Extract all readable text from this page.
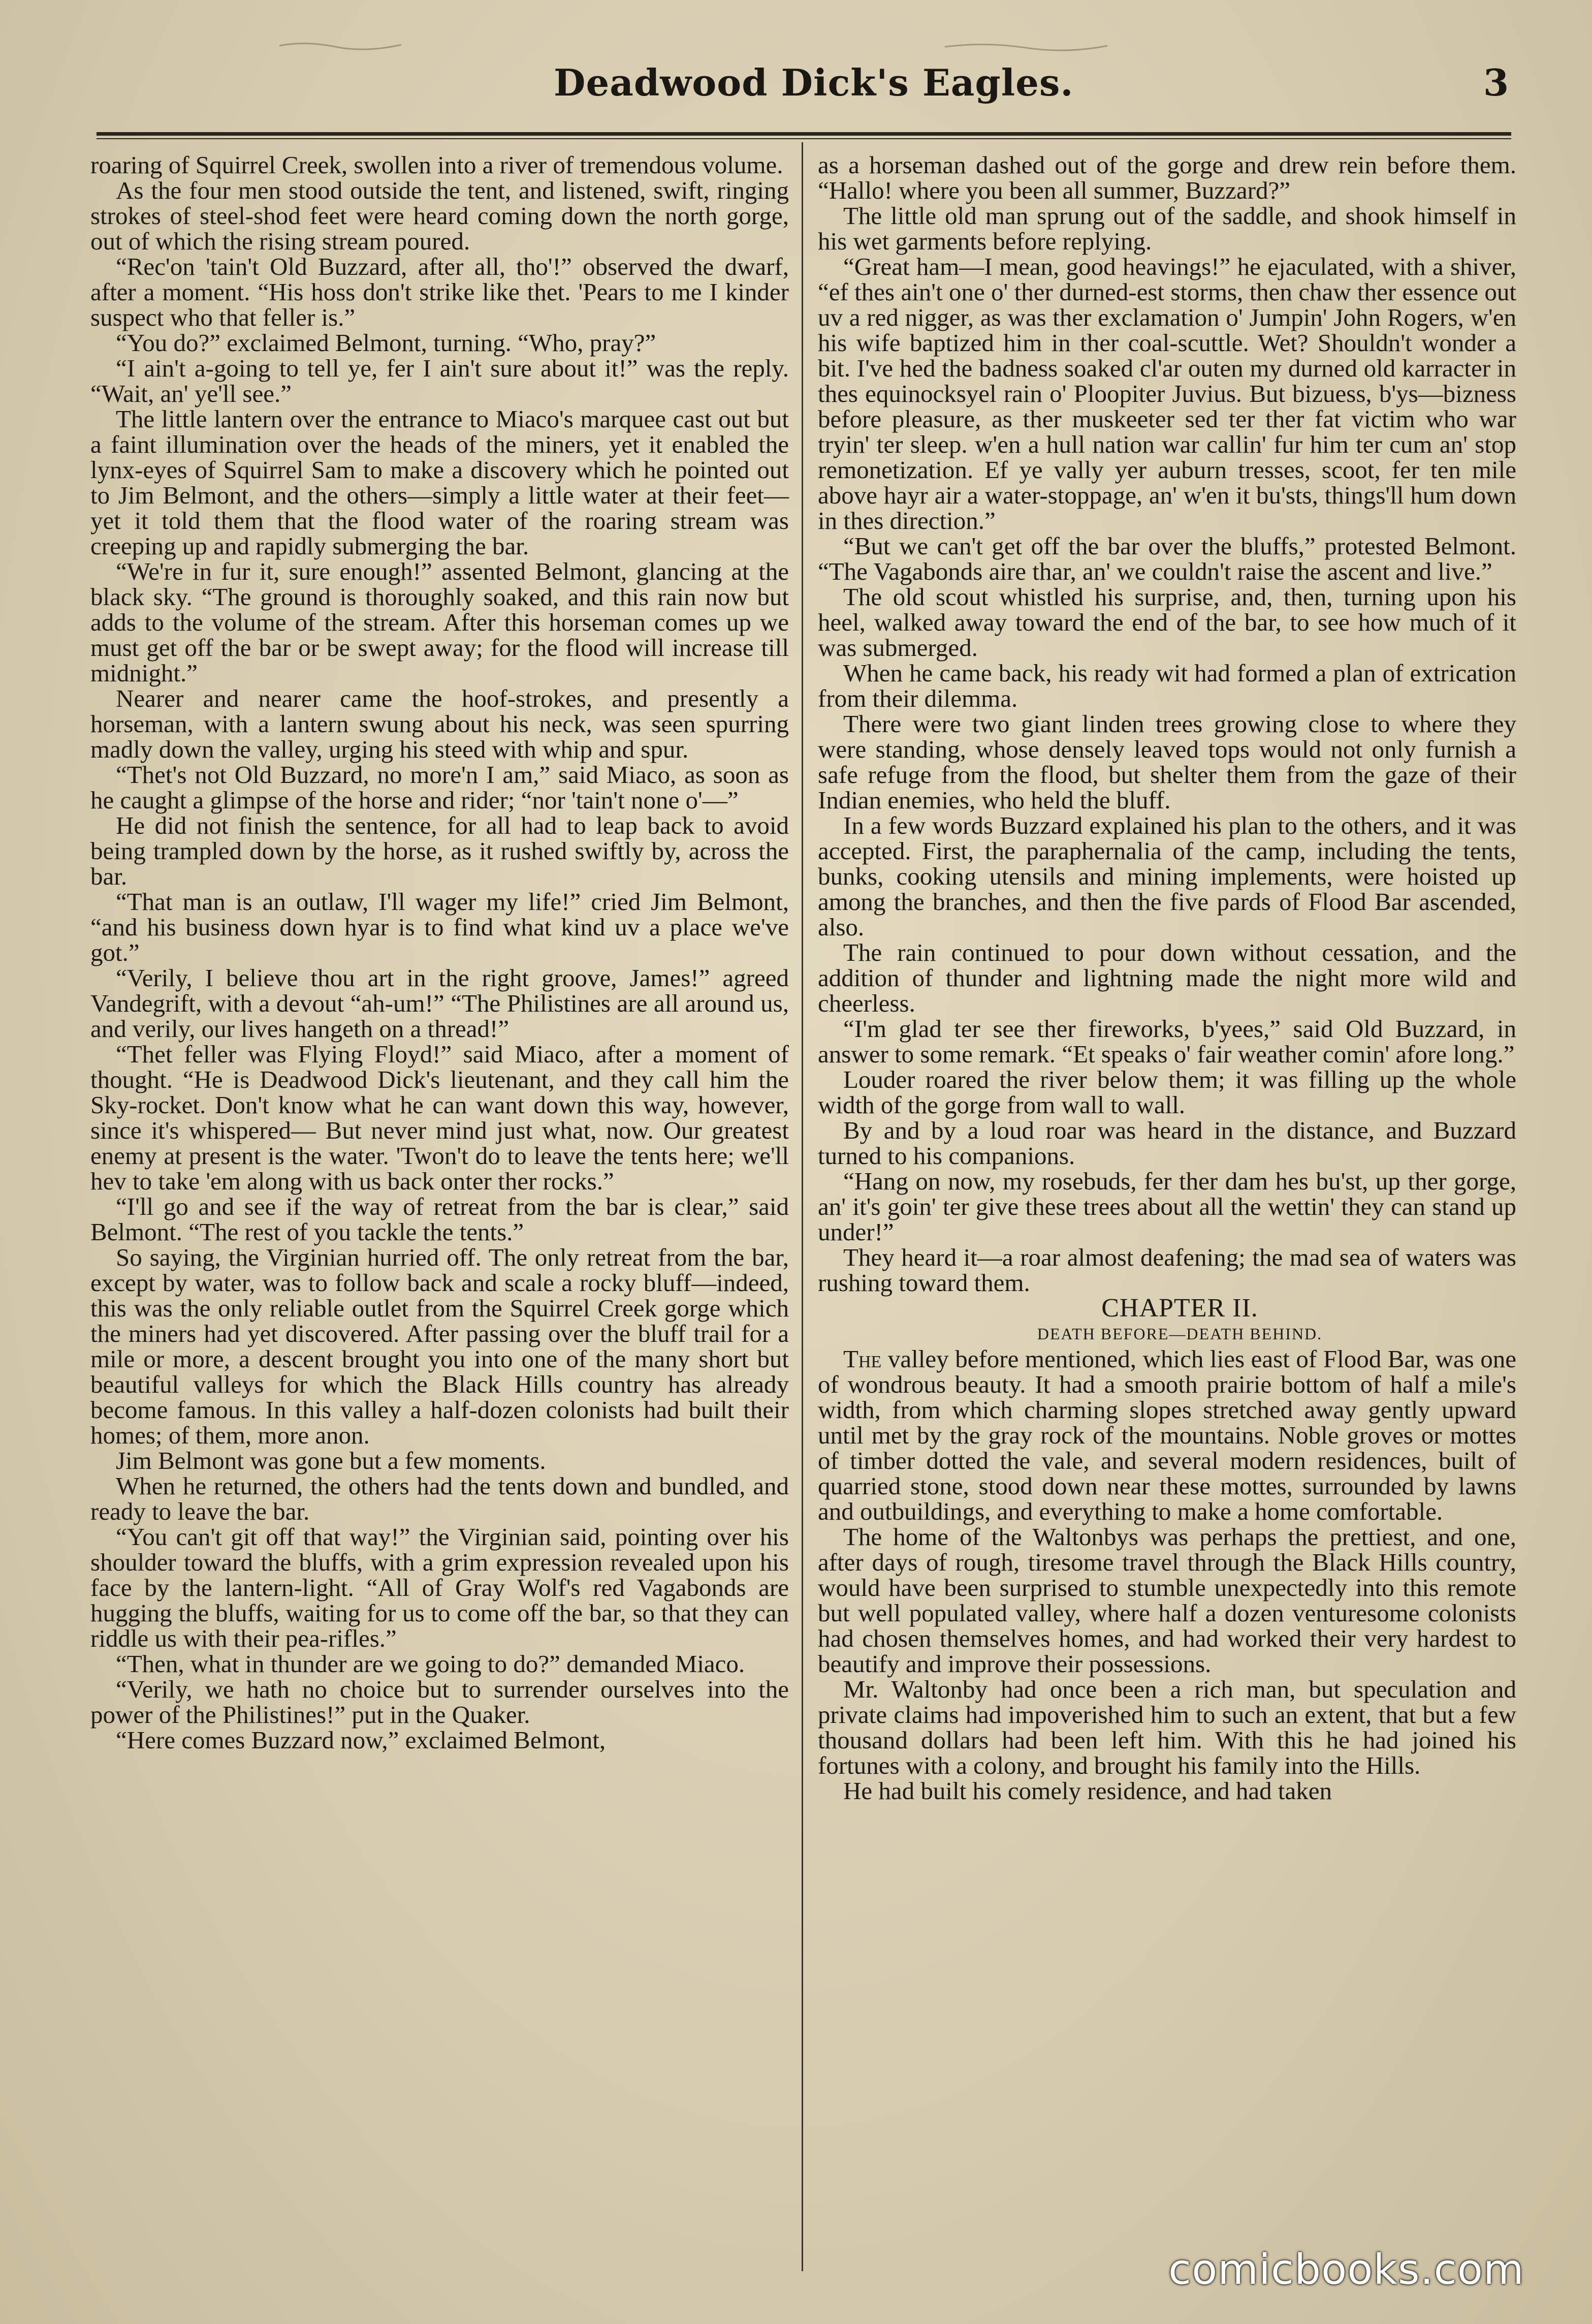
Deadwood Dick's Eagles.	3

roaring of Squirrel Creek, swollen into a river of tremendous volume.

As the four men stood outside the tent, and listened, swift, ringing strokes of steel-shod feet were heard coming down the north gorge, out of which the rising stream poured.

“Rec'on 'tain't Old Buzzard, after all, tho'!” observed the dwarf, after a moment. “His hoss don't strike like thet. 'Pears to me I kinder suspect who that feller is.”

“You do?” exclaimed Belmont, turning. “Who, pray?”

“I ain't a-going to tell ye, fer I ain't sure about it!” was the reply. “Wait, an' ye'll see.”

The little lantern over the entrance to Miaco's marquee cast out but a faint illumination over the heads of the miners, yet it enabled the lynx-eyes of Squirrel Sam to make a discovery which he pointed out to Jim Belmont, and the others—simply a little water at their feet—yet it told them that the flood water of the roaring stream was creeping up and rapidly submerging the bar.

“We're in fur it, sure enough!” assented Belmont, glancing at the black sky. “The ground is thoroughly soaked, and this rain now but adds to the volume of the stream. After this horseman comes up we must get off the bar or be swept away; for the flood will increase till midnight.”

Nearer and nearer came the hoof-strokes, and presently a horseman, with a lantern swung about his neck, was seen spurring madly down the valley, urging his steed with whip and spur.

“Thet's not Old Buzzard, no more'n I am,” said Miaco, as soon as he caught a glimpse of the horse and rider; “nor 'tain't none o'—”

He did not finish the sentence, for all had to leap back to avoid being trampled down by the horse, as it rushed swiftly by, across the bar.

“That man is an outlaw, I'll wager my life!” cried Jim Belmont, “and his business down hyar is to find what kind uv a place we've got.”

“Verily, I believe thou art in the right groove, James!” agreed Vandegrift, with a devout “ah-um!” “The Philistines are all around us, and verily, our lives hangeth on a thread!”

“Thet feller was Flying Floyd!” said Miaco, after a moment of thought. “He is Deadwood Dick's lieutenant, and they call him the Sky-rocket. Don't know what he can want down this way, however, since it's whispered— But never mind just what, now. Our greatest enemy at present is the water. 'Twon't do to leave the tents here; we'll hev to take 'em along with us back onter ther rocks.”

“I'll go and see if the way of retreat from the bar is clear,” said Belmont. “The rest of you tackle the tents.”

So saying, the Virginian hurried off. The only retreat from the bar, except by water, was to follow back and scale a rocky bluff—indeed, this was the only reliable outlet from the Squirrel Creek gorge which the miners had yet discovered. After passing over the bluff trail for a mile or more, a descent brought you into one of the many short but beautiful valleys for which the Black Hills country has already become famous. In this valley a half-dozen colonists had built their homes; of them, more anon.

Jim Belmont was gone but a few moments.

When he returned, the others had the tents down and bundled, and ready to leave the bar.

“You can't git off that way!” the Virginian said, pointing over his shoulder toward the bluffs, with a grim expression revealed upon his face by the lantern-light. “All of Gray Wolf's red Vagabonds are hugging the bluffs, waiting for us to come off the bar, so that they can riddle us with their pea-rifles.”

“Then, what in thunder are we going to do?” demanded Miaco.

“Verily, we hath no choice but to surrender ourselves into the power of the Philistines!” put in the Quaker.

“Here comes Buzzard now,” exclaimed Belmont,

as a horseman dashed out of the gorge and drew rein before them. “Hallo! where you been all summer, Buzzard?”

The little old man sprung out of the saddle, and shook himself in his wet garments before replying.

“Great ham—I mean, good heavings!” he ejaculated, with a shiver, “ef thes ain't one o' ther durned-est storms, then chaw ther essence out uv a red nigger, as was ther exclamation o' Jumpin' John Rogers, w'en his wife baptized him in ther coal-scuttle. Wet? Shouldn't wonder a bit. I've hed the badness soaked cl'ar outen my durned old karracter in thes equinocksyel rain o' Ploopiter Juvius. But bizuess, b'ys—bizness before pleasure, as ther muskeeter sed ter ther fat victim who war tryin' ter sleep. w'en a hull nation war callin' fur him ter cum an' stop remonetization. Ef ye vally yer auburn tresses, scoot, fer ten mile above hayr air a water-stoppage, an' w'en it bu'sts, things'll hum down in thes direction.”

“But we can't get off the bar over the bluffs,” protested Belmont. “The Vagabonds aire thar, an' we couldn't raise the ascent and live.”

The old scout whistled his surprise, and, then, turning upon his heel, walked away toward the end of the bar, to see how much of it was submerged.

When he came back, his ready wit had formed a plan of extrication from their dilemma.

There were two giant linden trees growing close to where they were standing, whose densely leaved tops would not only furnish a safe refuge from the flood, but shelter them from the gaze of their Indian enemies, who held the bluff.

In a few words Buzzard explained his plan to the others, and it was accepted. First, the paraphernalia of the camp, including the tents, bunks, cooking utensils and mining implements, were hoisted up among the branches, and then the five pards of Flood Bar ascended, also.

The rain continued to pour down without cessation, and the addition of thunder and lightning made the night more wild and cheerless.

“I'm glad ter see ther fireworks, b'yees,” said Old Buzzard, in answer to some remark. “Et speaks o' fair weather comin' afore long.”

Louder roared the river below them; it was filling up the whole width of the gorge from wall to wall.

By and by a loud roar was heard in the distance, and Buzzard turned to his companions.

“Hang on now, my rosebuds, fer ther dam hes bu'st, up ther gorge, an' it's goin' ter give these trees about all the wettin' they can stand up under!”

They heard it—a roar almost deafening; the mad sea of waters was rushing toward them.

CHAPTER II.

DEATH BEFORE—DEATH BEHIND.

The valley before mentioned, which lies east of Flood Bar, was one of wondrous beauty. It had a smooth prairie bottom of half a mile's width, from which charming slopes stretched away gently upward until met by the gray rock of the mountains. Noble groves or mottes of timber dotted the vale, and several modern residences, built of quarried stone, stood down near these mottes, surrounded by lawns and outbuildings, and everything to make a home comfortable.

The home of the Waltonbys was perhaps the prettiest, and one, after days of rough, tiresome travel through the Black Hills country, would have been surprised to stumble unexpectedly into this remote but well populated valley, where half a dozen venturesome colonists had chosen themselves homes, and had worked their very hardest to beautify and improve their possessions.

Mr. Waltonby had once been a rich man, but speculation and private claims had impoverished him to such an extent, that but a few thousand dollars had been left him. With this he had joined his fortunes with a colony, and brought his family into the Hills.

He had built his comely residence, and had taken

comicbooks.com
